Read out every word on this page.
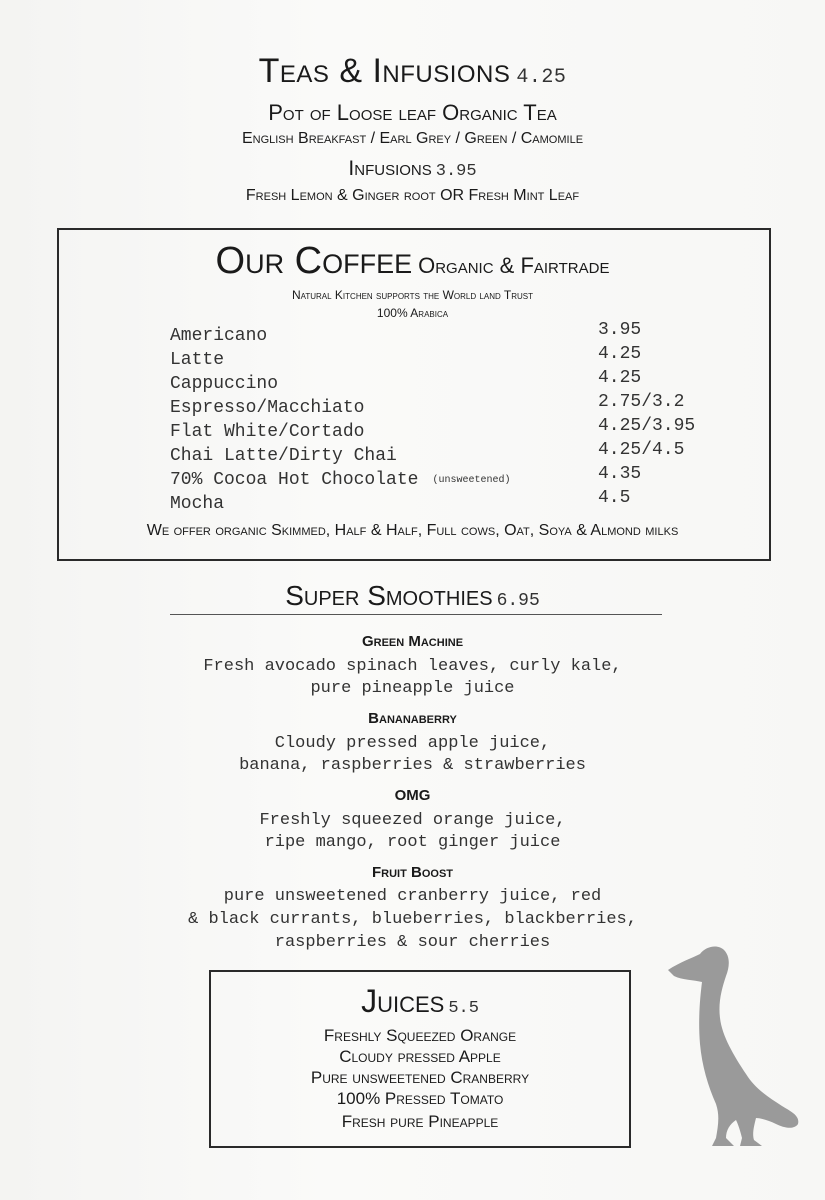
Teas & Infusions 4.25
Pot of Loose leaf Organic Tea
English Breakfast / Earl Grey / Green / Camomile
Infusions 3.95
Fresh Lemon & Ginger root OR Fresh Mint Leaf
Our Coffee Organic & Fairtrade
Natural Kitchen supports the World land Trust
100% Arabica
Americano	3.95
Latte	4.25
Cappuccino	4.25
Espresso/Macchiato	2.75/3.2
Flat White/Cortado	4.25/3.95
Chai Latte/Dirty Chai	4.25/4.5
70% Cocoa Hot Chocolate (unsweetened)	4.35
Mocha	4.5
We offer organic Skimmed, Half & Half, Full cows, Oat, Soya & Almond milks
Super Smoothies 6.95
Green Machine
Fresh avocado spinach leaves, curly kale,
pure pineapple juice
Bananaberry
Cloudy pressed apple juice,
banana, raspberries & strawberries
OMG
Freshly squeezed orange juice,
ripe mango, root ginger juice
Fruit Boost
pure unsweetened cranberry juice, red
& black currants, blueberries, blackberries,
raspberries & sour cherries
Juices 5.5
Freshly Squeezed Orange
Cloudy pressed Apple
Pure unsweetened Cranberry
100% Pressed Tomato
Fresh pure Pineapple
